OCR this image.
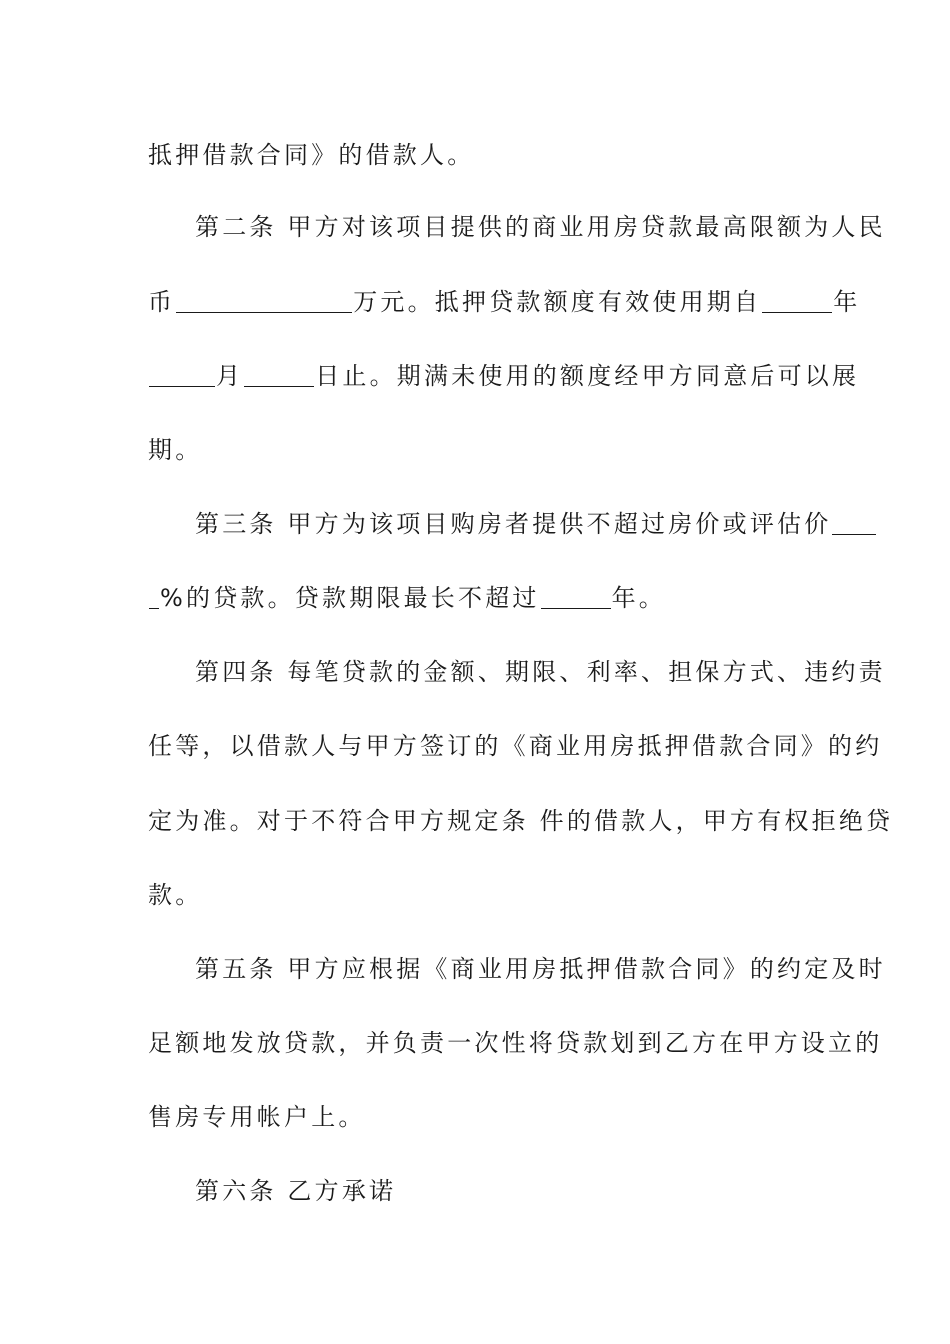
抵押借款合同》的借款人。
第二条 甲方对该项目提供的商业用房贷款最高限额为人民
币	万元。抵押贷款额度有效使用期自	年
月	日止。期满未使用的额度经甲方同意后可以展
期。
第三条 甲方为该项目购房者提供不超过房价或评估价
%的贷款。贷款期限最长不超过	年。
第四条 每笔贷款的金额、期限、利率、担保方式、违约责
任等，以借款人与甲方签订的《商业用房抵押借款合同》的约
定为准。对于不符合甲方规定条 件的借款人，甲方有权拒绝贷
款。
第五条 甲方应根据《商业用房抵押借款合同》的约定及时
足额地发放贷款，并负责一次性将贷款划到乙方在甲方设立的
售房专用帐户上。
第六条 乙方承诺
